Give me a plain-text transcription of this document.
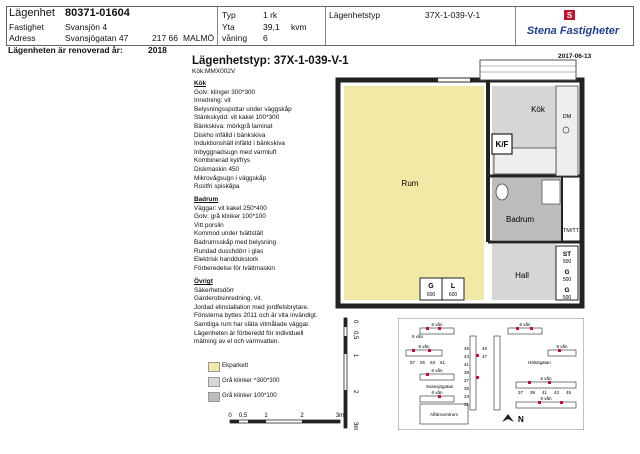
Lägenhet 80371-01604
Fastighet Svansjön 4
Adress	Svansjögatan 47	217 66 MALMÖ
Typ	1 rk
Yta	39,1 kvm
våning 6
Lägenhetstyp	37X-1-039-V-1	S
Stena Fastigheter
Lägenheten är renoverad år:	2018
Lägenhetstyp: 37X-1-039-V-1
Kök:MMX002V
2017-06-13
Kök
Golv: klinger 300*300
Inredning: vit
Belysningsspottar under väggskåp
Stänkskydd: vit kakel 100*300
Bänkskiva: mörkgrå laminat
Diskho infälld i bänkskiva
Induktionshäll infälld i bänkskiva
Inbyggnadsugn med varmluft
Kombinerad kyl/frys
Diskmaskin 450
Mikrovågsugn i väggskåp
Rostfri spiskåpa
Badrum
Väggar: vit kakel 250*400
Golv: grå klinker 100*100
Vitt porslin
Kommod under tvättställ
Badrumsskåp med belysning
Rundad duschdörr i glas
Elektrisk handdukstork
Förberedelse för tvättmaskin
Övrigt
Säkerhetsdörr
Garderobsinredning, vit.
Jordad elinstallation med jordfelsbrytare.
Fönsterna byttes 2011 och är vita invändigt.
Samtliga rum har släta vitmålade väggar.
Lägenheten är förberedd för individuell
mätning av el och varmvatten.
K/F
Rum
Kök
DM
Badrum
TM/TT
Hall
ST
500
G
500
G
500
G
600
L
600
Ekparkett
Grå klinker ^300*300
Grå klinker 100*100
0 0,5	1	2	3m
0
0,5
1
2
3m
6 vån	6 vån
6 vån	9 vån
6 vån
6 vån
6 vån
6 vån
45
43
41
39
37
35
33
31
57 55 53 51
49
47
37 39 41 43 45
5 vån
Svansjögatan
Hälsögatan
Affärscentrum
N
